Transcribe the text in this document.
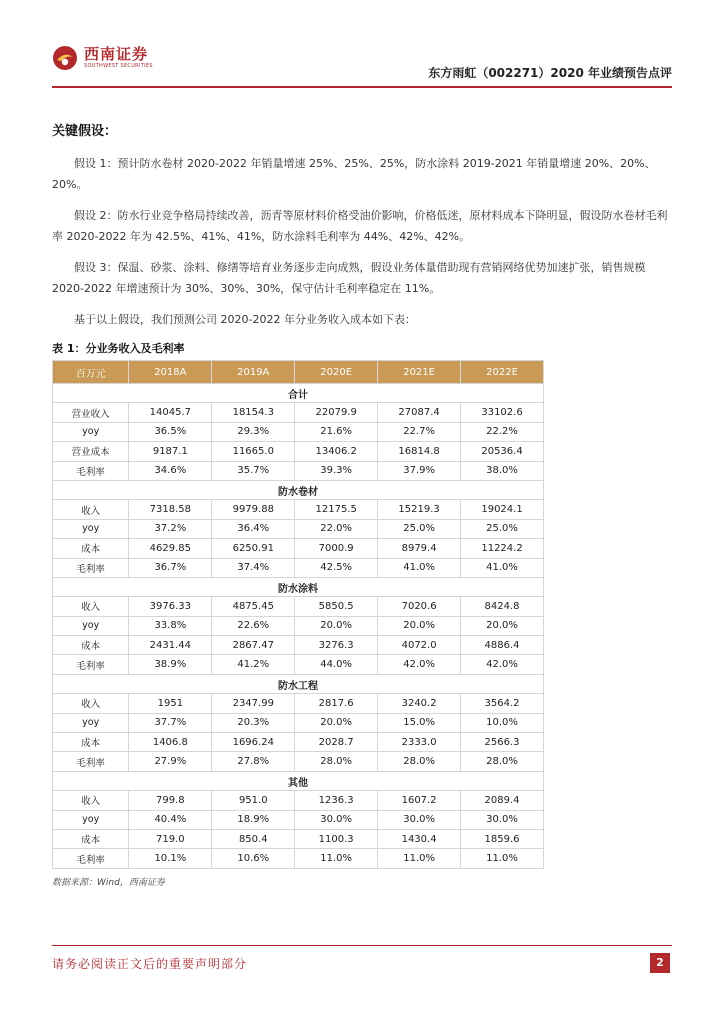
西南证券
SOUTHWEST SECURITIES	东方雨虹（002271）2020 年业绩预告点评
关键假设：

假设 1：预计防水卷材 2020-2022 年销量增速 25%、25%、25%，防水涂料 2019-2021 年销量增速 20%、20%、20%。

假设 2：防水行业竞争格局持续改善，沥青等原材料价格受油价影响，价格低迷，原材料成本下降明显，假设防水卷材毛利率 2020-2022 年为 42.5%、41%、41%，防水涂料毛利率为 44%、42%、42%。

假设 3：保温、砂浆、涂料、修缮等培育业务逐步走向成熟，假设业务体量借助现有营销网络优势加速扩张，销售规模 2020-2022 年增速预计为 30%、30%、30%，保守估计毛利率稳定在 11%。

基于以上假设，我们预测公司 2020-2022 年分业务收入成本如下表：

表 1：分业务收入及毛利率
百万元	2018A	2019A	2020E	2021E	2022E
合计					
营业收入	14045.7	18154.3	22079.9	27087.4	33102.6
yoy	36.5%	29.3%	21.6%	22.7%	22.2%
营业成本	9187.1	11665.0	13406.2	16814.8	20536.4
毛利率	34.6%	35.7%	39.3%	37.9%	38.0%
防水卷材					
收入	7318.58	9979.88	12175.5	15219.3	19024.1
yoy	37.2%	36.4%	22.0%	25.0%	25.0%
成本	4629.85	6250.91	7000.9	8979.4	11224.2
毛利率	36.7%	37.4%	42.5%	41.0%	41.0%
防水涂料					
收入	3976.33	4875.45	5850.5	7020.6	8424.8
yoy	33.8%	22.6%	20.0%	20.0%	20.0%
成本	2431.44	2867.47	3276.3	4072.0	4886.4
毛利率	38.9%	41.2%	44.0%	42.0%	42.0%
防水工程					
收入	1951	2347.99	2817.6	3240.2	3564.2
yoy	37.7%	20.3%	20.0%	15.0%	10.0%
成本	1406.8	1696.24	2028.7	2333.0	2566.3
毛利率	27.9%	27.8%	28.0%	28.0%	28.0%
其他					
收入	799.8	951.0	1236.3	1607.2	2089.4
yoy	40.4%	18.9%	30.0%	30.0%	30.0%
成本	719.0	850.4	1100.3	1430.4	1859.6
毛利率	10.1%	10.6%	11.0%	11.0%	11.0%
数据来源：Wind，西南证券
请务必阅读正文后的重要声明部分	2
